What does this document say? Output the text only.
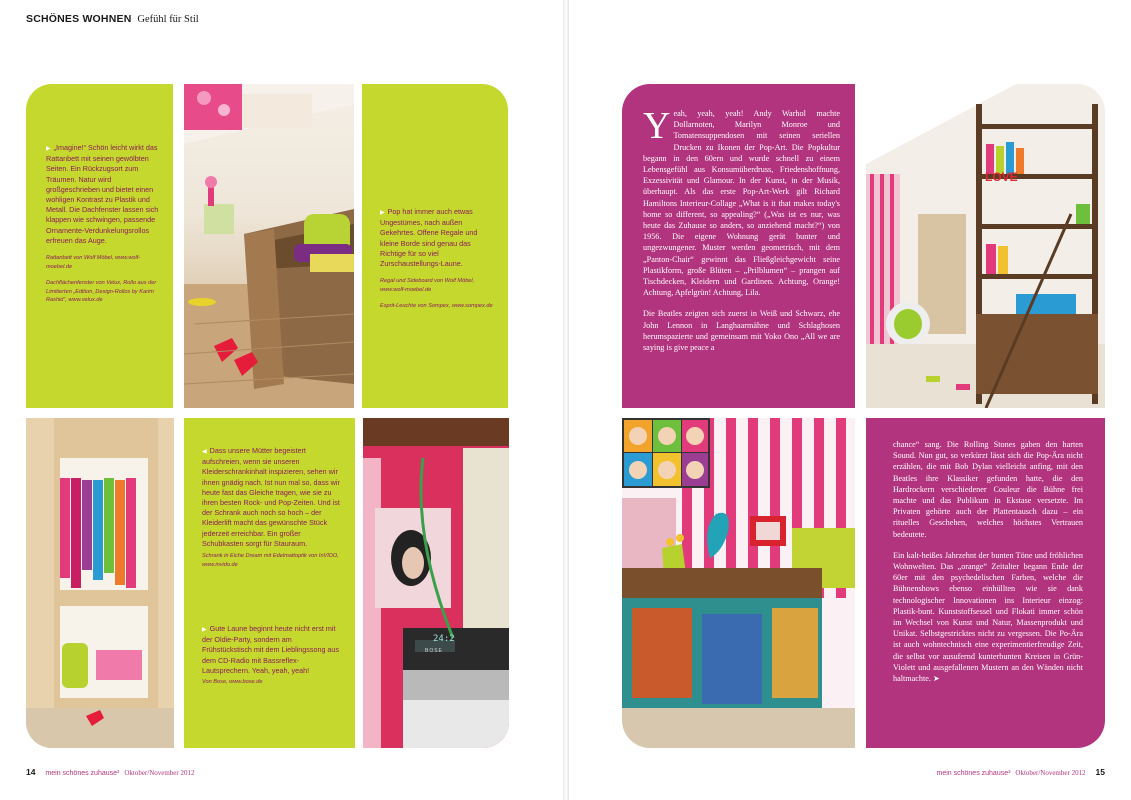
SCHÖNES WOHNEN Gefühl für Stil

▶ „Imagine!“ Schön leicht wirkt das Rattanbett mit seinen gewölbten Seiten. Ein Rückzugsort zum Träumen. Natur wird großgeschrieben und bietet einen wohligen Kontrast zu Plastik und Metall. Die Dachfenster lassen sich klappen wie schwingen, passende Ornamente-Verdunkelungsrollos erfreuen das Auge.

Rattanbett von Wolf Möbel, www.wolf-moebel.de

Dachflächenfenster von Velux, Rollo aus der Limitierten „Edition_Design-Rollos by Karim Rashid“, www.velux.de

▶ Pop hat immer auch etwas Ungestümes, nach außen Gekehrtes. Offene Regale und kleine Borde sind genau das Richtige für so viel Zurschaustellungs-Laune.

Regal und Sideboard von Wolf Möbel, www.wolf-moebel.de

Esprit-Leuchte von Sompex, www.sompex.de

◀ Dass unsere Mütter begeistert aufschreien, wenn sie unseren Kleiderschrankinhalt inspizieren, sehen wir ihnen gnädig nach. Ist nun mal so, dass wir heute fast das Gleiche tragen, wie sie zu ihren besten Rock- und Pop-Zeiten. Und ist der Schrank auch noch so hoch – der Kleiderlift macht das gewünschte Stück jederzeit erreichbar. Ein großer Schubkasten sorgt für Stauraum.

Schrank in Eiche Dream mit Edelmattoptik von InVIDO, www.invido.de

▶ Gute Laune beginnt heute nicht erst mit der Oldie-Party, sondern am Frühstückstisch mit dem Lieblingssong aus dem CD-Radio mit Bassreflex-Lautsprechern. Yeah, yeah, yeah!

Von Bose, www.bose.de

24:2
BOSE
14 mein schönes zuhause³ Oktober/November 2012

Yeah, yeah, yeah! Andy Warhol machte Dollarnoten, Marilyn Monroe und Tomatensuppendosen mit seinen seriellen Drucken zu Ikonen der Pop-Art. Die Popkultur begann in den 60ern und wurde schnell zu einem Lebensgefühl aus Konsumüberdruss, Friedenshoffnung, Exzessivität und Glamour. In der Kunst, in der Musik, überhaupt. Als das erste Pop-Art-Werk gilt Richard Hamiltons Interieur-Collage „What is it that makes today's home so different, so appealing?“ („Was ist es nur, was heute das Zuhause so anders, so anziehend macht?“) von 1956. Die eigene Wohnung gerät bunter und ungezwungener. Muster werden geometrisch, mit dem „Panton-Chair“ gewinnt das Fließgleichgewicht seine Plastikform, große Blüten – „Prilblumen“ – prangen auf Tischdecken, Kleidern und Gardinen. Achtung, Orange! Achtung, Apfelgrün! Achtung, Lila.

Die Beatles zeigten sich zuerst in Weiß und Schwarz, ehe John Lennon in Langhaarmähne und Schlaghosen herumspazierte und gemeinsam mit Yoko Ono „All we are saying is give peace a

LOVE

chance“ sang. Die Rolling Stones gaben den harten Sound. Nun gut, so verkürzt lässt sich die Pop-Ära nicht erzählen, die mit Bob Dylan vielleicht anfing, mit den Beatles ihre Klassiker gefunden hatte, die den Hardrockern verschiedener Couleur die Bühne frei machte und das Publikum in Ekstase versetzte. Im Privaten gehörte auch der Plattentausch dazu – ein rituelles Geschehen, welches höchstes Vertrauen bedeutete.

Ein kalt-heißes Jahrzehnt der bunten Töne und fröhlichen Wohnwelten. Das „orange“ Zeitalter begann Ende der 60er mit den psychedelischen Farben, welche die Bühnenshows ebenso einhüllten wie sie dank technologischer Innovationen ins Interieur einzog: Plastik-bunt. Kunststoffsessel und Flokati immer schön im Wechsel von Kunst und Natur, Massenprodukt und Unikat. Selbstgestricktes nicht zu vergessen. Die Po-Ära ist auch wohntechnisch eine experimentierfreudige Zeit, die selbst vor ausufernd kunterbunten Kreisen in Grün-Violett und ausgefallenen Mustern an den Wänden nicht haltmachte. ➤

mein schönes zuhause³ Oktober/November 2012 15
